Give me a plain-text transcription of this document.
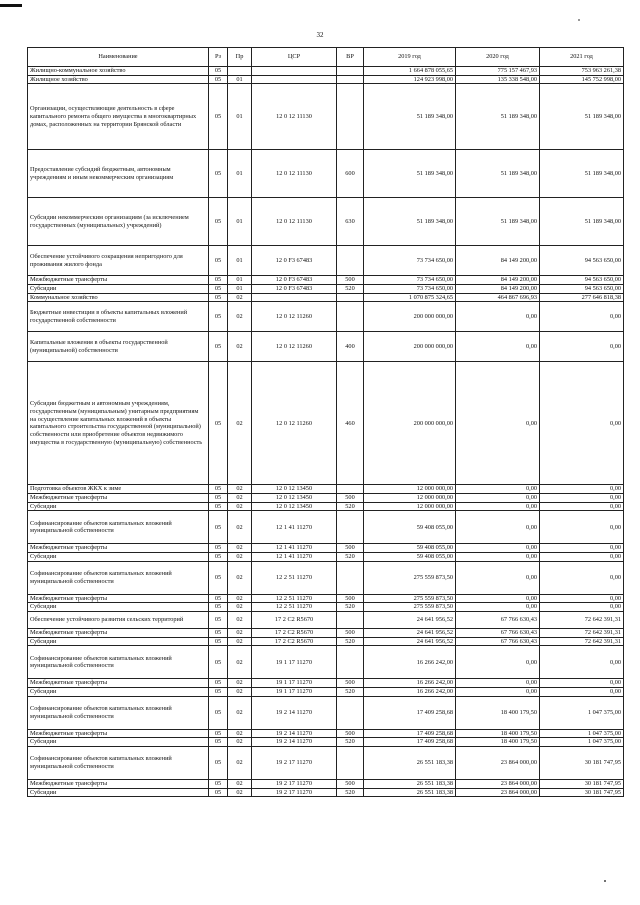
32
Наименование	Рз	Пр	ЦСР	ВР	2019 год	2020 год	2021 год
Жилищно-коммунальное хозяйство	05				1 664 878 055,65	775 157 467,93	753 963 261,38
Жилищное хозяйство	05	01			124 923 998,00	135 338 548,00	145 752 998,00
Организации, осуществляющие деятельность в сфере капитального ремонта общего имущества в многоквартирных домах, расположенных на территории Брянской области	05	01	12 0 12 11130		51 189 348,00	51 189 348,00	51 189 348,00
Предоставление субсидий бюджетным, автономным учреждениям и иным некоммерческим организациям	05	01	12 0 12 11130	600	51 189 348,00	51 189 348,00	51 189 348,00
Субсидии некоммерческим организациям (за исключением государственных (муниципальных) учреждений)	05	01	12 0 12 11130	630	51 189 348,00	51 189 348,00	51 189 348,00
Обеспечение устойчивого сокращения непригодного для проживания жилого фонда	05	01	12 0 F3 67483		73 734 650,00	84 149 200,00	94 563 650,00
Межбюджетные трансферты	05	01	12 0 F3 67483	500	73 734 650,00	84 149 200,00	94 563 650,00
Субсидии	05	01	12 0 F3 67483	520	73 734 650,00	84 149 200,00	94 563 650,00
Коммунальное хозяйство	05	02			1 070 875 324,65	464 867 696,93	277 646 818,38
Бюджетные инвестиции в объекты капитальных вложений государственной собственности	05	02	12 0 12 11260		200 000 000,00	0,00	0,00
Капитальные вложения в объекты государственной (муниципальной) собственности	05	02	12 0 12 11260	400	200 000 000,00	0,00	0,00
Субсидии бюджетным и автономным учреждениям, государственным (муниципальным) унитарным предприятиям на осуществление капитальных вложений в объекты капитального строительства государственной (муниципальной) собственности или приобретение объектов недвижимого имущества в государственную (муниципальную) собственность	05	02	12 0 12 11260	460	200 000 000,00	0,00	0,00
Подготовка объектов ЖКХ к зиме	05	02	12 0 12 13450		12 000 000,00	0,00	0,00
Межбюджетные трансферты	05	02	12 0 12 13450	500	12 000 000,00	0,00	0,00
Субсидии	05	02	12 0 12 13450	520	12 000 000,00	0,00	0,00
Софинансирование объектов капитальных вложений муниципальной собственности	05	02	12 1 41 11270		59 408 055,00	0,00	0,00
Межбюджетные трансферты	05	02	12 1 41 11270	500	59 408 055,00	0,00	0,00
Субсидии	05	02	12 1 41 11270	520	59 408 055,00	0,00	0,00
Софинансирование объектов капитальных вложений муниципальной собственности	05	02	12 2 51 11270		275 559 873,50	0,00	0,00
Межбюджетные трансферты	05	02	12 2 51 11270	500	275 559 873,50	0,00	0,00
Субсидии	05	02	12 2 51 11270	520	275 559 873,50	0,00	0,00
Обеспечение устойчивого развития сельских территорий	05	02	17 2 C2 R5670		24 641 956,52	67 766 630,43	72 642 391,31
Межбюджетные трансферты	05	02	17 2 C2 R5670	500	24 641 956,52	67 766 630,43	72 642 391,31
Субсидии	05	02	17 2 C2 R5670	520	24 641 956,52	67 766 630,43	72 642 391,31
Софинансирование объектов капитальных вложений муниципальной собственности	05	02	19 1 17 11270		16 266 242,00	0,00	0,00
Межбюджетные трансферты	05	02	19 1 17 11270	500	16 266 242,00	0,00	0,00
Субсидии	05	02	19 1 17 11270	520	16 266 242,00	0,00	0,00
Софинансирование объектов капитальных вложений муниципальной собственности	05	02	19 2 14 11270		17 409 258,68	18 400 179,50	1 047 375,00
Межбюджетные трансферты	05	02	19 2 14 11270	500	17 409 258,68	18 400 179,50	1 047 375,00
Субсидии	05	02	19 2 14 11270	520	17 409 258,68	18 400 179,50	1 047 375,00
Софинансирование объектов капитальных вложений муниципальной собственности	05	02	19 2 17 11270		26 551 183,38	23 864 000,00	30 181 747,95
Межбюджетные трансферты	05	02	19 2 17 11270	500	26 551 183,38	23 864 000,00	30 181 747,95
Субсидии	05	02	19 2 17 11270	520	26 551 183,38	23 864 000,00	30 181 747,95
